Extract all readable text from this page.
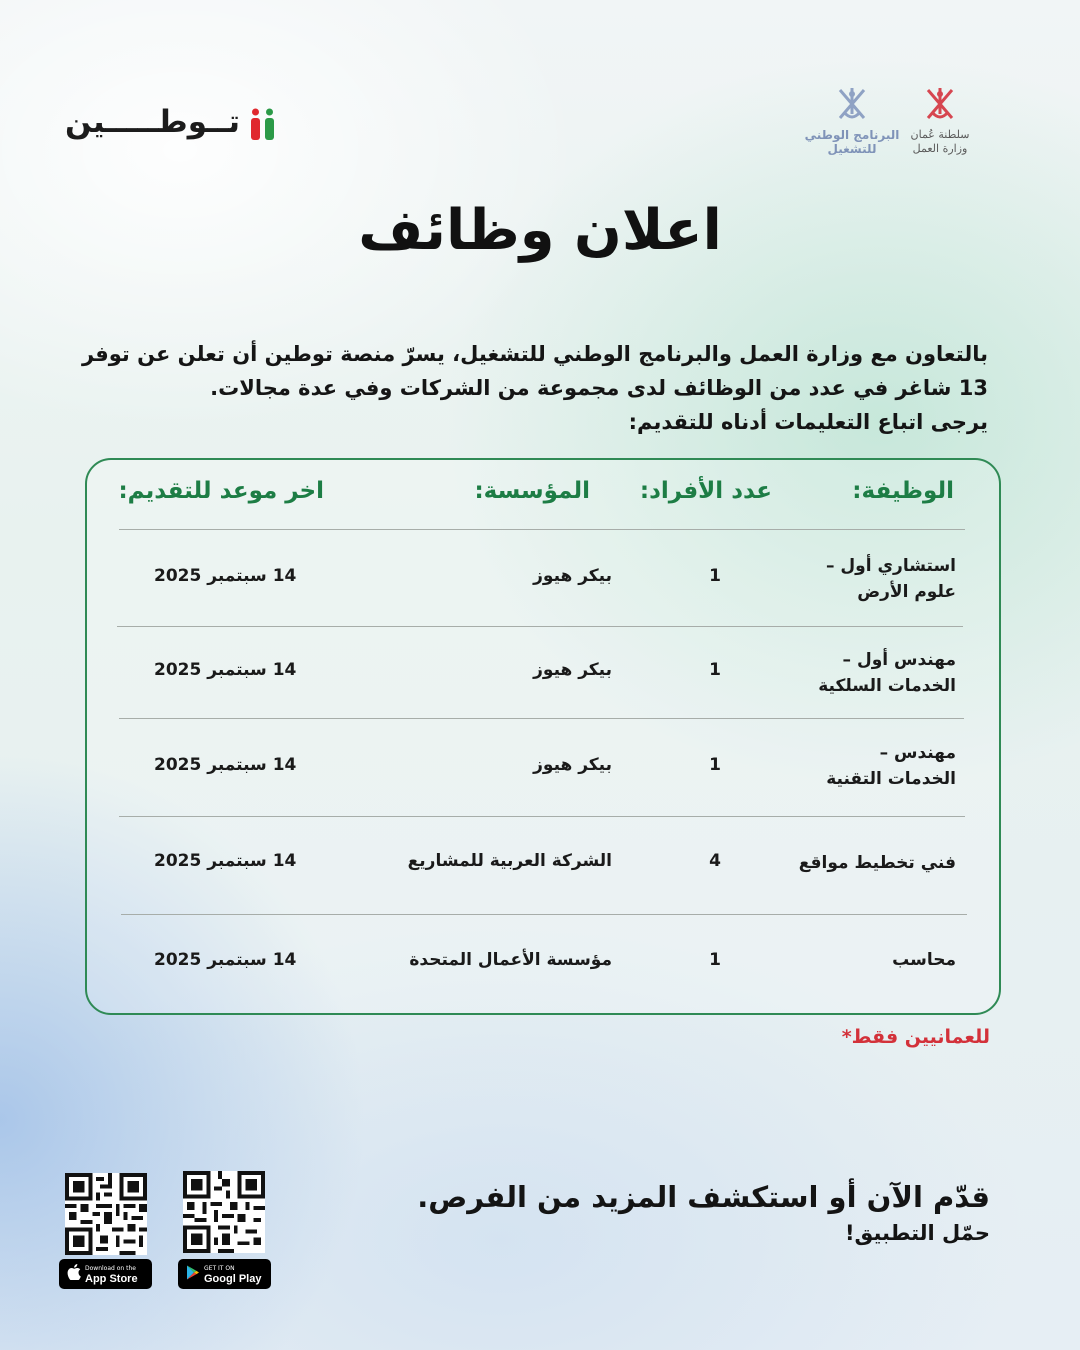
تــوطـــــين	سلطنة عُمان
وزارة العمل
البرنامج الوطني
للتشغيل
اعلان وظائف
بالتعاون مع وزارة العمل والبرنامج الوطني للتشغيل، يسرّ منصة توطين أن تعلن عن توفر
13 شاغر في عدد من الوظائف لدى مجموعة من الشركات وفي عدة مجالات.
يرجى اتباع التعليمات أدناه للتقديم:
الوظيفة:
عدد الأفراد:
المؤسسة:
اخر موعد للتقديم:
استشاري أول –
علوم الأرض
1
بيكر هيوز
14 سبتمبر 2025
مهندس أول –
الخدمات السلكية
1
بيكر هيوز
14 سبتمبر 2025
مهندس –
الخدمات التقنية
1
بيكر هيوز
14 سبتمبر 2025
فني تخطيط مواقع
4
الشركة العربية للمشاريع
14 سبتمبر 2025
محاسب
1
مؤسسة الأعمال المتحدة
14 سبتمبر 2025
للعمانيين فقط*
قدّم الآن أو استكشف المزيد من الفرص.
حمّل التطبيق!
Download on the
App Store
GET IT ON
Googl Play
